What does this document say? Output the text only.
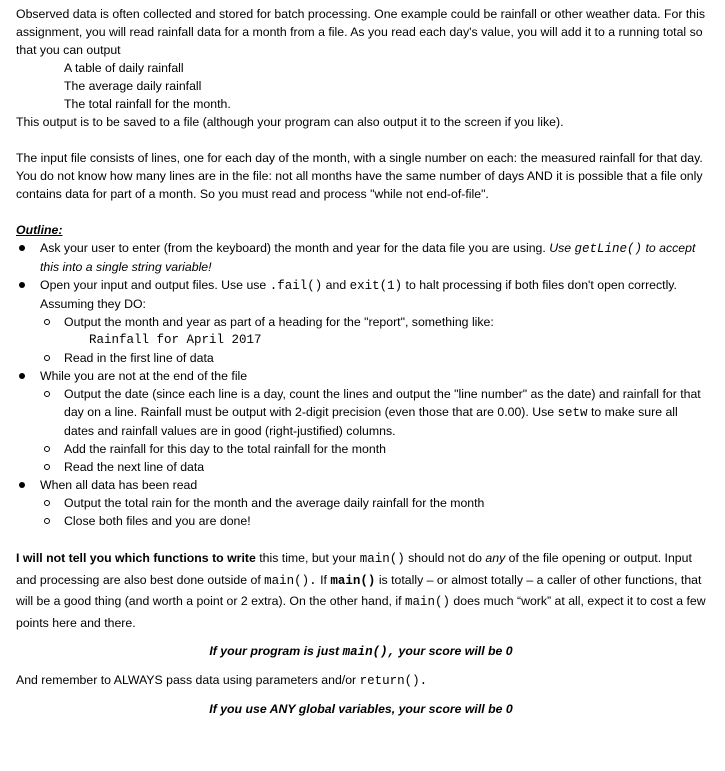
Observed data is often collected and stored for batch processing. One example could be rainfall or other weather data. For this assignment, you will read rainfall data for a month from a file. As you read each day's value, you will add it to a running total so that you can output

A table of daily rainfall
The average daily rainfall
The total rainfall for the month.

This output is to be saved to a file (although your program can also output it to the screen if you like).

The input file consists of lines, one for each day of the month, with a single number on each: the measured rainfall for that day. You do not know how many lines are in the file: not all months have the same number of days AND it is possible that a file only contains data for part of a month. So you must read and process "while not end-of-file".

Outline:

Ask your user to enter (from the keyboard) the month and year for the data file you are using. Use getLine() to accept this into a single string variable!
Open your input and output files. Use use .fail() and exit(1) to halt processing if both files don't open correctly. Assuming they DO:
Output the month and year as part of a heading for the "report", something like:
Rainfall for April 2017
Read in the first line of data
While you are not at the end of the file
Output the date (since each line is a day, count the lines and output the "line number" as the date) and rainfall for that day on a line. Rainfall must be output with 2-digit precision (even those that are 0.00). Use setw to make sure all dates and rainfall values are in good (right-justified) columns.
Add the rainfall for this day to the total rainfall for the month
Read the next line of data
When all data has been read
Output the total rain for the month and the average daily rainfall for the month
Close both files and you are done!

I will not tell you which functions to write this time, but your main() should not do any of the file opening or output. Input and processing are also best done outside of main(). If main() is totally – or almost totally – a caller of other functions, that will be a good thing (and worth a point or 2 extra). On the other hand, if main() does much “work” at all, expect it to cost a few points here and there.

If your program is just main(), your score will be 0

And remember to ALWAYS pass data using parameters and/or return().

If you use ANY global variables, your score will be 0
